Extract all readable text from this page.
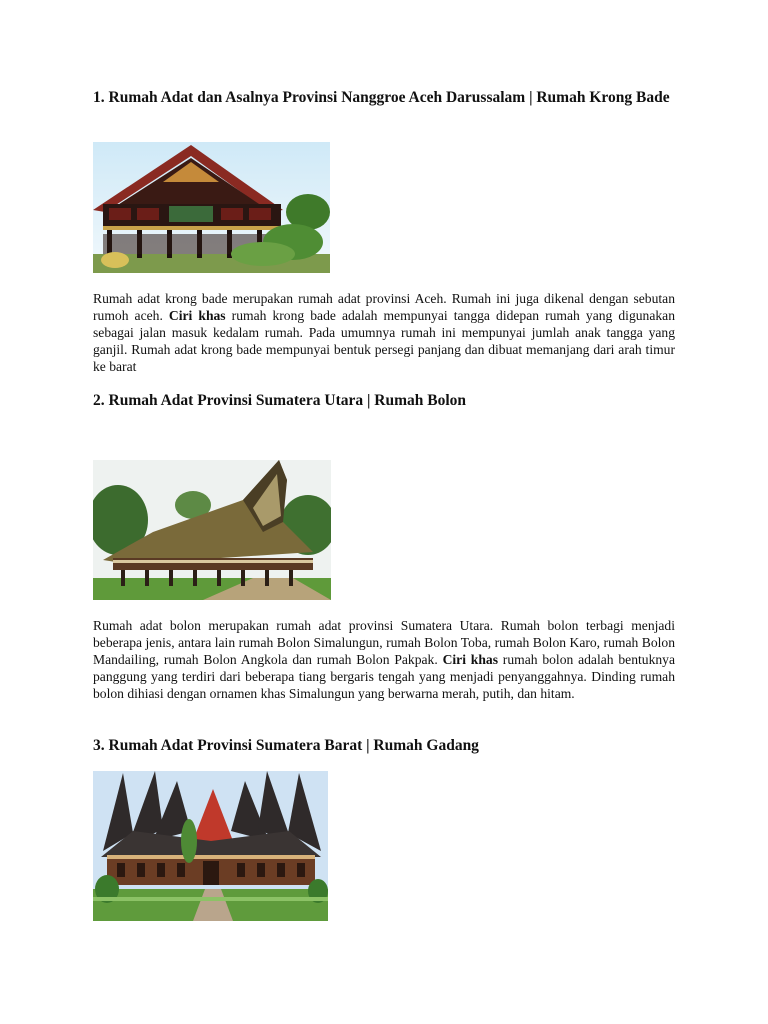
1. Rumah Adat dan Asalnya Provinsi Nanggroe Aceh Darussalam | Rumah Krong Bade

Rumah adat krong bade merupakan rumah adat provinsi Aceh. Rumah ini juga dikenal dengan sebutan rumoh aceh. Ciri khas rumah krong bade adalah mempunyai tangga didepan rumah yang digunakan sebagai jalan masuk kedalam rumah. Pada umumnya rumah ini mempunyai jumlah anak tangga yang ganjil. Rumah adat krong bade mempunyai bentuk persegi panjang dan dibuat memanjang dari arah timur ke barat

2. Rumah Adat Provinsi Sumatera Utara | Rumah Bolon

Rumah adat bolon merupakan rumah adat provinsi Sumatera Utara. Rumah bolon terbagi menjadi beberapa jenis, antara lain rumah Bolon Simalungun, rumah Bolon Toba, rumah Bolon Karo, rumah Bolon Mandailing, rumah Bolon Angkola dan rumah Bolon Pakpak. Ciri khas rumah bolon adalah bentuknya panggung yang terdiri dari beberapa tiang bergaris tengah yang menjadi penyanggahnya. Dinding rumah bolon dihiasi dengan ornamen khas Simalungun yang berwarna merah, putih, dan hitam.

3. Rumah Adat Provinsi Sumatera Barat | Rumah Gadang
